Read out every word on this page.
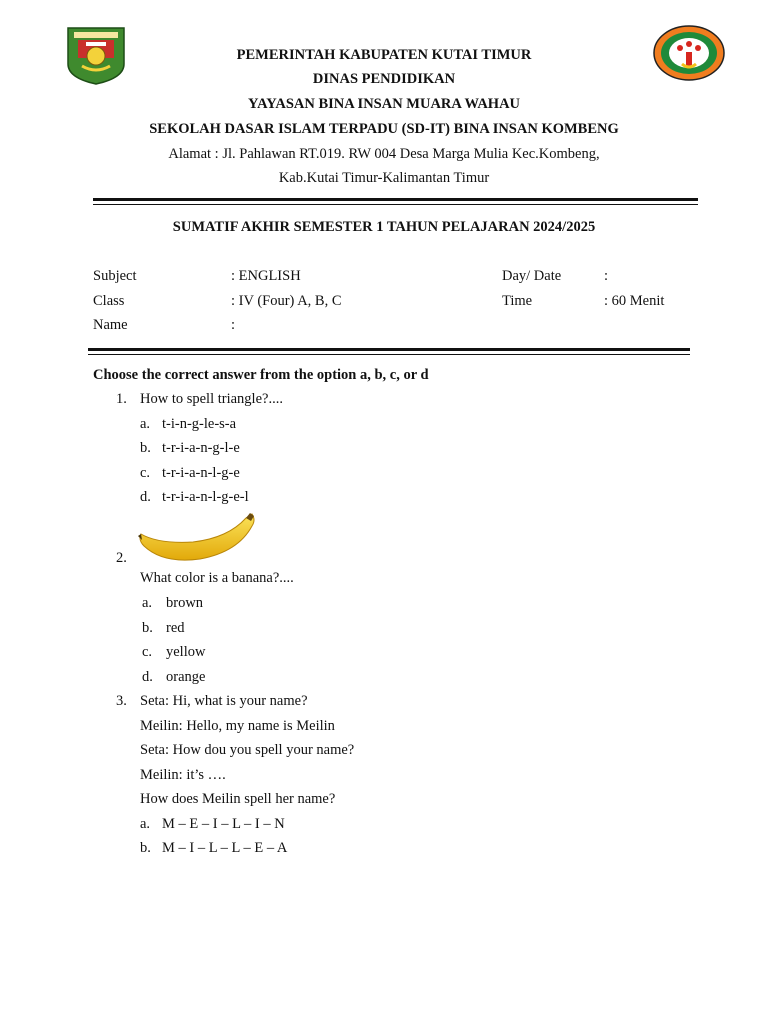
PEMERINTAH KABUPATEN KUTAI TIMUR
DINAS PENDIDIKAN
YAYASAN BINA INSAN MUARA WAHAU
SEKOLAH DASAR ISLAM TERPADU (SD-IT) BINA INSAN KOMBENG
Alamat : Jl. Pahlawan RT.019. RW 004 Desa Marga Mulia Kec.Kombeng,
Kab.Kutai Timur-Kalimantan Timur
SUMATIF AKHIR SEMESTER 1 TAHUN PELAJARAN 2024/2025
Subject	: ENGLISH	Day/ Date	:
Class	: IV (Four) A, B, C	Time	: 60 Menit
Name	:
Choose the correct answer from the option a, b, c, or d
1. How to spell triangle?....
a. t-i-n-g-le-s-a
b. t-r-i-a-n-g-l-e
c. t-r-i-a-n-l-g-e
d. t-r-i-a-n-l-g-e-l
2.
What color is a banana?....
a. brown
b. red
c. yellow
d. orange
3. Seta: Hi, what is your name?
Meilin: Hello, my name is Meilin
Seta: How dou you spell your name?
Meilin: it’s ….
How does Meilin spell her name?
a. M – E – I – L – I – N
b. M – I – L – L – E – A
